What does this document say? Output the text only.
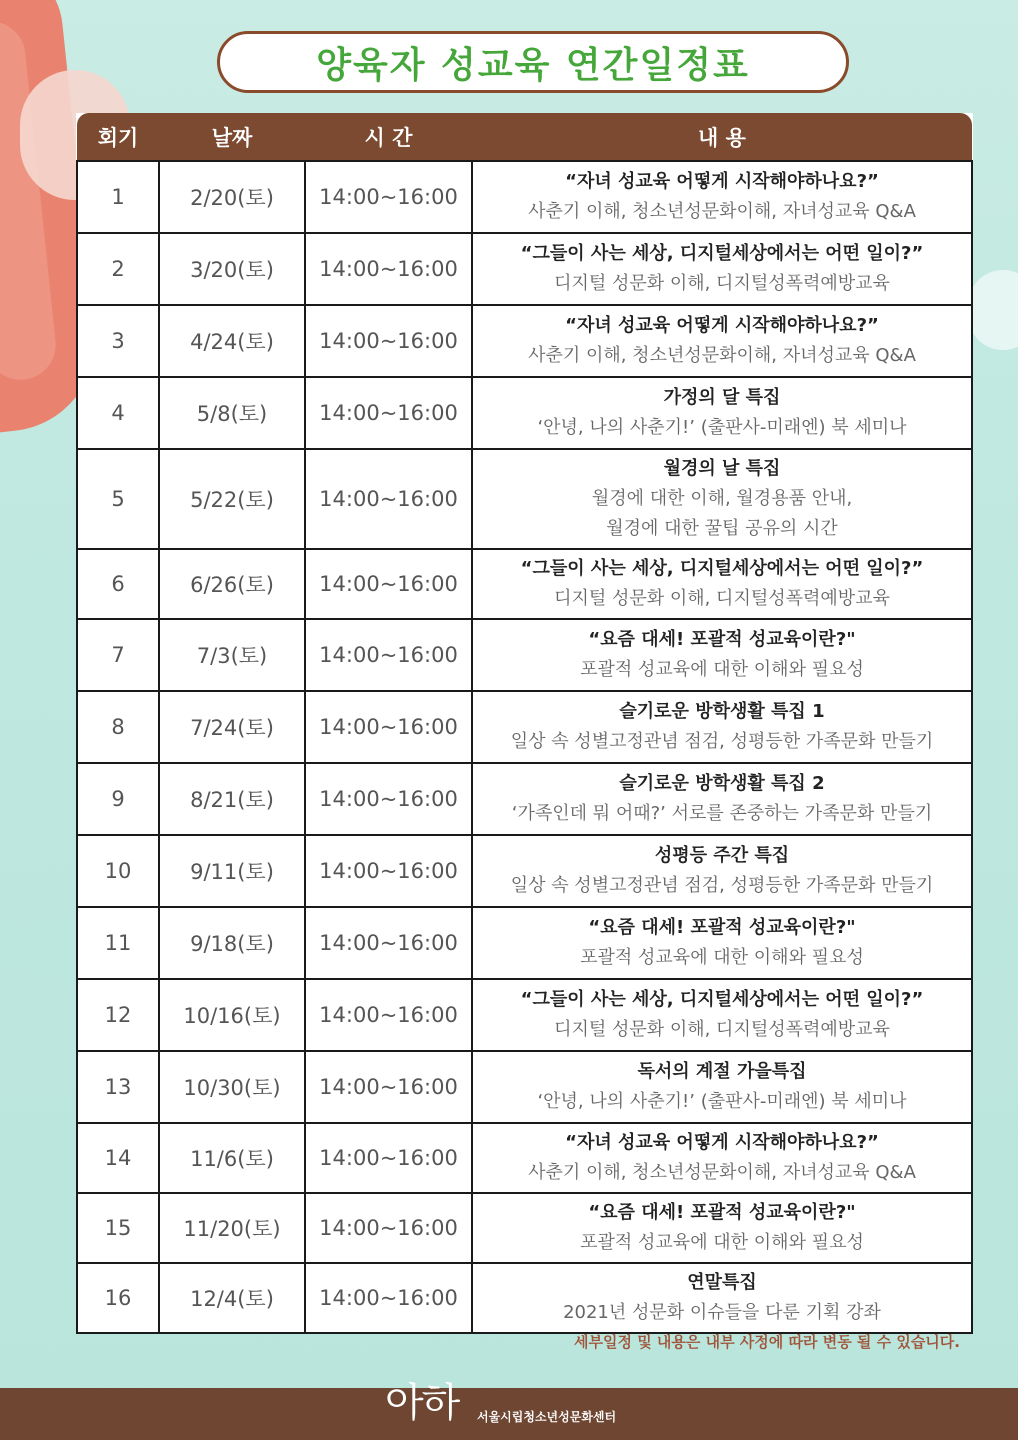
양육자 성교육 연간일정표
회기	날짜	시 간	내 용
1	2/20(토)	14:00~16:00	“자녀 성교육 어떻게 시작해야하나요?”
사춘기 이해, 청소년성문화이해, 자녀성교육 Q&A

2	3/20(토)	14:00~16:00	“그들이 사는 세상, 디지털세상에서는 어떤 일이?”
디지털 성문화 이해, 디지털성폭력예방교육

3	4/24(토)	14:00~16:00	“자녀 성교육 어떻게 시작해야하나요?”
사춘기 이해, 청소년성문화이해, 자녀성교육 Q&A

4	5/8(토)	14:00~16:00	가정의 달 특집
‘안녕, 나의 사춘기!’ (출판사-미래엔) 북 세미나

5	5/22(토)	14:00~16:00	월경의 날 특집
월경에 대한 이해, 월경용품 안내,
월경에 대한 꿀팁 공유의 시간

6	6/26(토)	14:00~16:00	“그들이 사는 세상, 디지털세상에서는 어떤 일이?”
디지털 성문화 이해, 디지털성폭력예방교육

7	7/3(토)	14:00~16:00	“요즘 대세! 포괄적 성교육이란?"
포괄적 성교육에 대한 이해와 필요성

8	7/24(토)	14:00~16:00	슬기로운 방학생활 특집 1
일상 속 성별고정관념 점검, 성평등한 가족문화 만들기

9	8/21(토)	14:00~16:00	슬기로운 방학생활 특집 2
‘가족인데 뭐 어때?’ 서로를 존중하는 가족문화 만들기

10	9/11(토)	14:00~16:00	성평등 주간 특집
일상 속 성별고정관념 점검, 성평등한 가족문화 만들기

11	9/18(토)	14:00~16:00	“요즘 대세! 포괄적 성교육이란?"
포괄적 성교육에 대한 이해와 필요성

12	10/16(토)	14:00~16:00	“그들이 사는 세상, 디지털세상에서는 어떤 일이?”
디지털 성문화 이해, 디지털성폭력예방교육

13	10/30(토)	14:00~16:00	독서의 계절 가을특집
‘안녕, 나의 사춘기!’ (출판사-미래엔) 북 세미나

14	11/6(토)	14:00~16:00	“자녀 성교육 어떻게 시작해야하나요?”
사춘기 이해, 청소년성문화이해, 자녀성교육 Q&A

15	11/20(토)	14:00~16:00	“요즘 대세! 포괄적 성교육이란?"
포괄적 성교육에 대한 이해와 필요성

16	12/4(토)	14:00~16:00	연말특집
2021년 성문화 이슈들을 다룬 기획 강좌
세부일정 및 내용은 내부 사정에 따라 변동 될 수 있습니다.
아하 서울시립청소년성문화센터
